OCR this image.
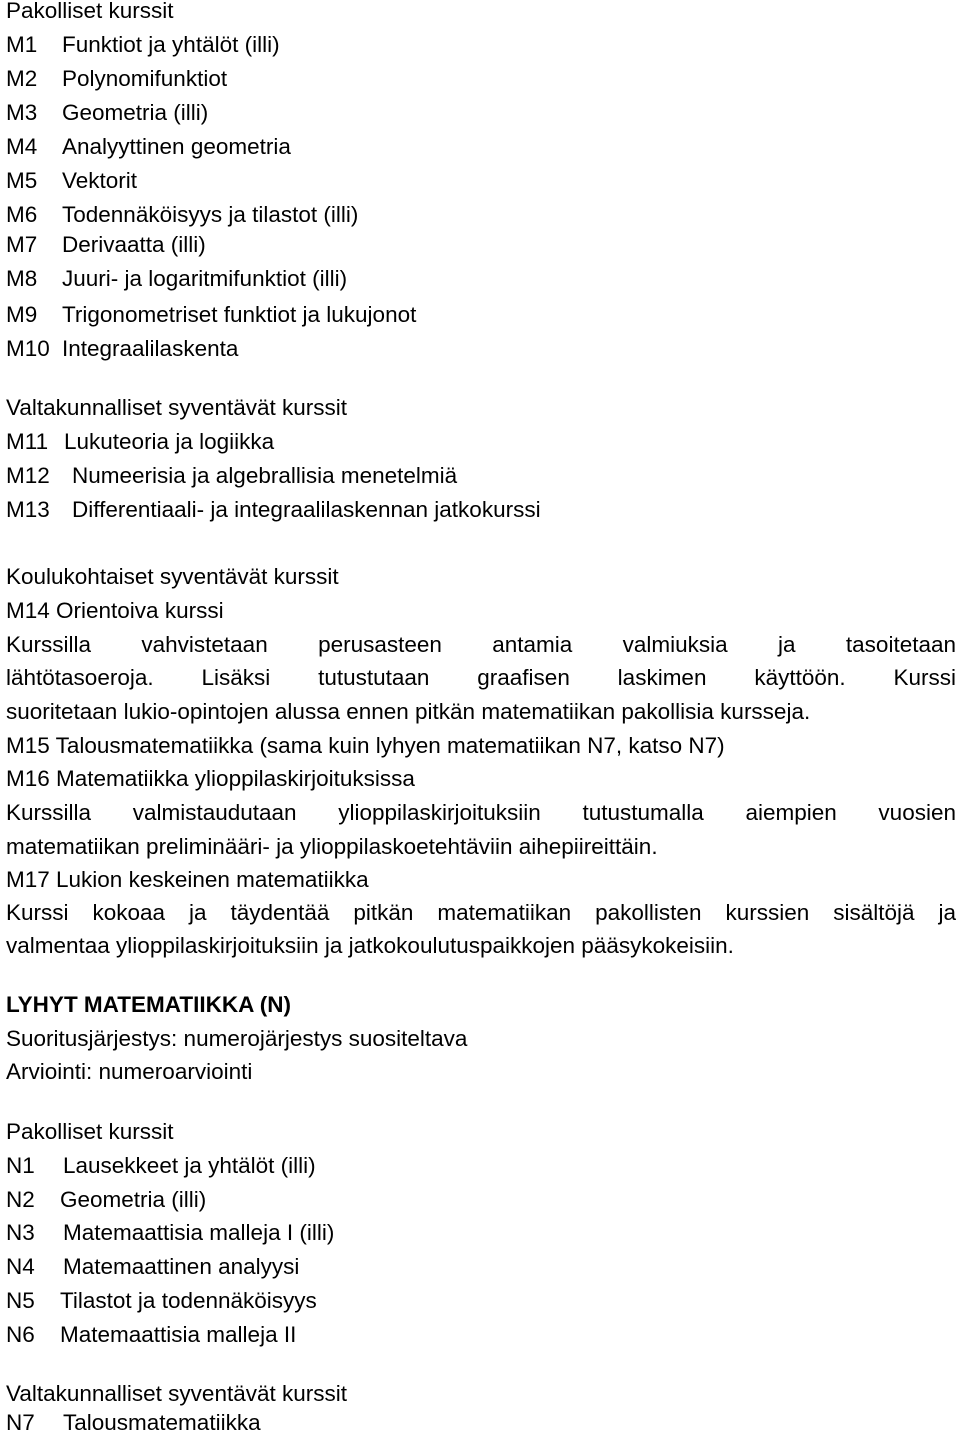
Pakolliset kurssit
M1 Funktiot ja yhtälöt (illi)
M2 Polynomifunktiot
M3 Geometria (illi)
M4 Analyyttinen geometria
M5 Vektorit
M6 Todennäköisyys ja tilastot (illi)
M7 Derivaatta (illi)
M8 Juuri- ja logaritmifunktiot (illi)
M9 Trigonometriset funktiot ja lukujonot
M10 Integraalilaskenta
Valtakunnalliset syventävät kurssit
M11 Lukuteoria ja logiikka
M12 Numeerisia ja algebrallisia menetelmiä
M13 Differentiaali- ja integraalilaskennan jatkokurssi
Koulukohtaiset syventävät kurssit
M14 Orientoiva kurssi
Kurssilla vahvistetaan perusasteen antamia valmiuksia ja tasoitetaan
lähtötasoeroja. Lisäksi tutustutaan graafisen laskimen käyttöön. Kurssi
suoritetaan lukio-opintojen alussa ennen pitkän matematiikan pakollisia kursseja.
M15 Talousmatematiikka (sama kuin lyhyen matematiikan N7, katso N7)
M16 Matematiikka ylioppilaskirjoituksissa
Kurssilla valmistaudutaan ylioppilaskirjoituksiin tutustumalla aiempien vuosien
matematiikan preliminääri- ja ylioppilaskoetehtäviin aihepiireittäin.
M17 Lukion keskeinen matematiikka
Kurssi kokoaa ja täydentää pitkän matematiikan pakollisten kurssien sisältöjä ja
valmentaa ylioppilaskirjoituksiin ja jatkokoulutuspaikkojen pääsykokeisiin.
LYHYT MATEMATIIKKA (N)
Suoritusjärjestys: numerojärjestys suositeltava
Arviointi: numeroarviointi
Pakolliset kurssit
N1 Lausekkeet ja yhtälöt (illi)
N2 Geometria (illi)
N3 Matemaattisia malleja I (illi)
N4 Matemaattinen analyysi
N5 Tilastot ja todennäköisyys
N6 Matemaattisia malleja II
Valtakunnalliset syventävät kurssit
N7 Talousmatematiikka
